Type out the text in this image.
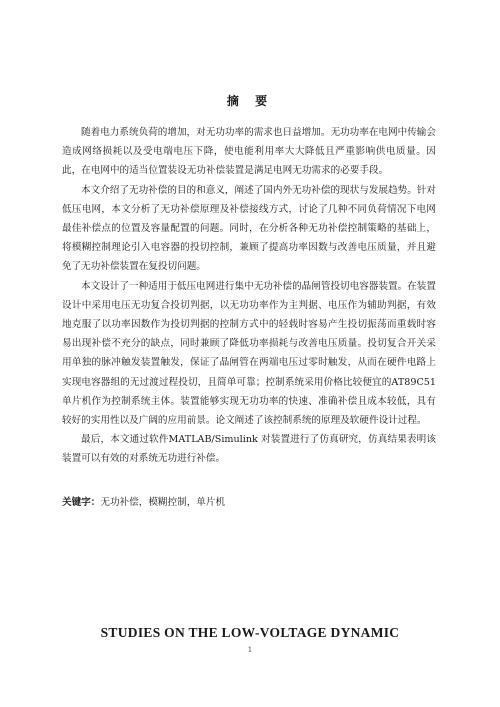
摘 要

随着电力系统负荷的增加，对无功功率的需求也日益增加。无功功率在电网中传输会造成网络损耗以及受电端电压下降，使电能利用率大大降低且严重影响供电质量。因此，在电网中的适当位置装设无功补偿装置是满足电网无功需求的必要手段。

本文介绍了无功补偿的目的和意义，阐述了国内外无功补偿的现状与发展趋势。针对低压电网，本文分析了无功补偿原理及补偿接线方式，讨论了几种不同负荷情况下电网最佳补偿点的位置及容量配置的问题。同时，在分析各种无功补偿控制策略的基础上，将模糊控制理论引入电容器的投切控制，兼顾了提高功率因数与改善电压质量，并且避免了无功补偿装置在复投切问题。

本文设计了一种适用于低压电网进行集中无功补偿的晶闸管投切电容器装置。在装置设计中采用电压无功复合投切判据，以无功功率作为主判据、电压作为辅助判据，有效地克服了以功率因数作为投切判据的控制方式中的轻载时容易产生投切振荡而重载时容易出现补偿不充分的缺点，同时兼顾了降低功率损耗与改善电压质量。投切复合开关采用单独的脉冲触发装置触发，保证了晶闸管在两端电压过零时触发，从而在硬件电路上实现电容器组的无过渡过程投切，且简单可靠；控制系统采用价格比较便宜的AT89C51 单片机作为控制系统主体。装置能够实现无功功率的快速、准确补偿且成本较低，具有较好的实用性以及广阔的应用前景。论文阐述了该控制系统的原理及软硬件设计过程。

最后，本文通过软件MATLAB/Simulink 对装置进行了仿真研究，仿真结果表明该装置可以有效的对系统无功进行补偿。

关键字：无功补偿，模糊控制，单片机
STUDIES ON THE LOW-VOLTAGE DYNAMIC
1
